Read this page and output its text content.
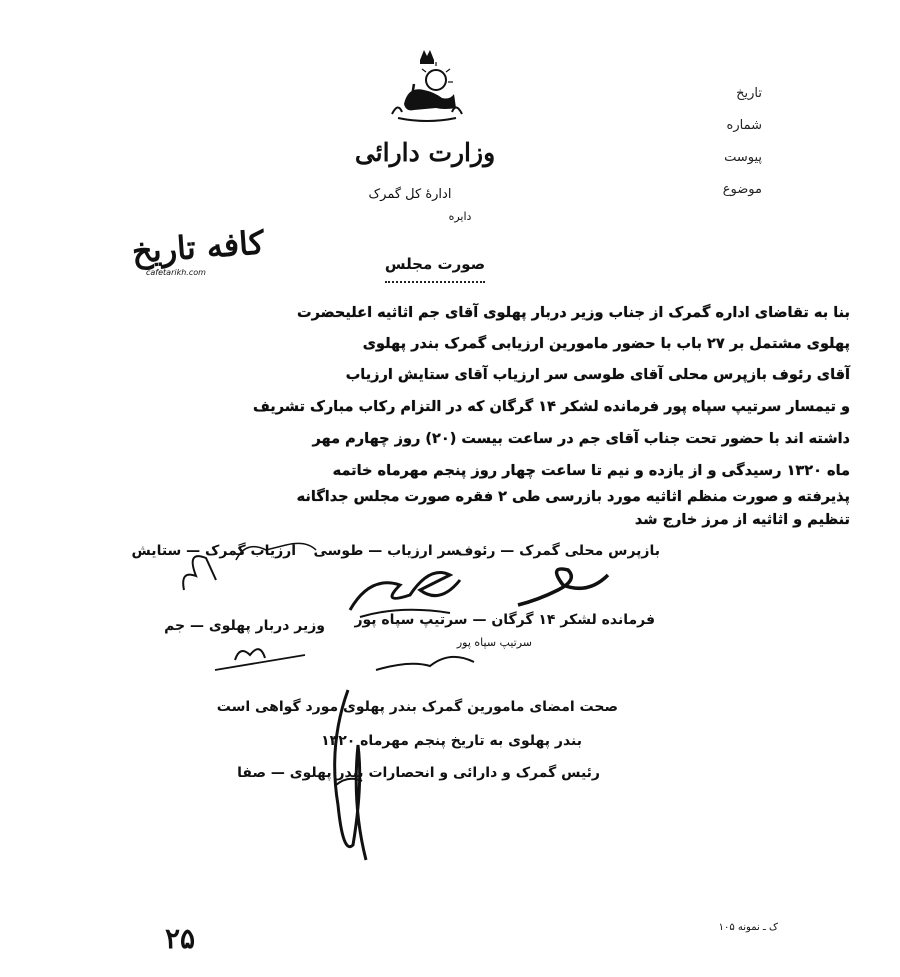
تاریخ
شماره
پیوست
موضوع
وزارت دارائی
ادارهٔ کل گمرک
دایره
کافه تاریخ
cafetarikh.com	صورت مجلس
بنا به تقاضای اداره گمرک از جناب وزیر دربار پهلوی آقای جم اثاثیه اعلیحضرت
پهلوی مشتمل بر ۲۷ باب با حضور مامورین ارزیابی گمرک بندر پهلوی
آقای رئوف بازپرس محلی آقای طوسی سر ارزیاب آقای ستایش ارزیاب
و تیمسار سرتیپ سپاه پور فرمانده لشکر ۱۴ گرگان که در التزام رکاب مبارک تشریف
داشته اند با حضور تحت جناب آقای جم در ساعت بیست (۲۰) روز چهارم مهر
ماه ۱۳۲۰ رسیدگی و از یازده و نیم تا ساعت چهار روز پنجم مهرماه خاتمه
پذیرفته و صورت منظم اثاثیه مورد بازرسی طی ۲ فقره صورت مجلس جداگانه
تنظیم و اثاثیه از مرز خارج شد
بازپرس محلی گمرک — رئوف
سر ارزیاب — طوسی
ارزیاب گمرک — ستایش
فرمانده لشکر ۱۴ گرگان — سرتیپ سپاه پور
وزیر دربار پهلوی — جم
سرتیپ سپاه پور
صحت امضای مامورین گمرک بندر پهلوی مورد گواهی است
بندر پهلوی به تاریخ پنجم مهرماه ۱۳۲۰
رئیس گمرک و دارائی و انحصارات بندر پهلوی — صفا
۲۵	ک ـ نمونه ۱۰۵
